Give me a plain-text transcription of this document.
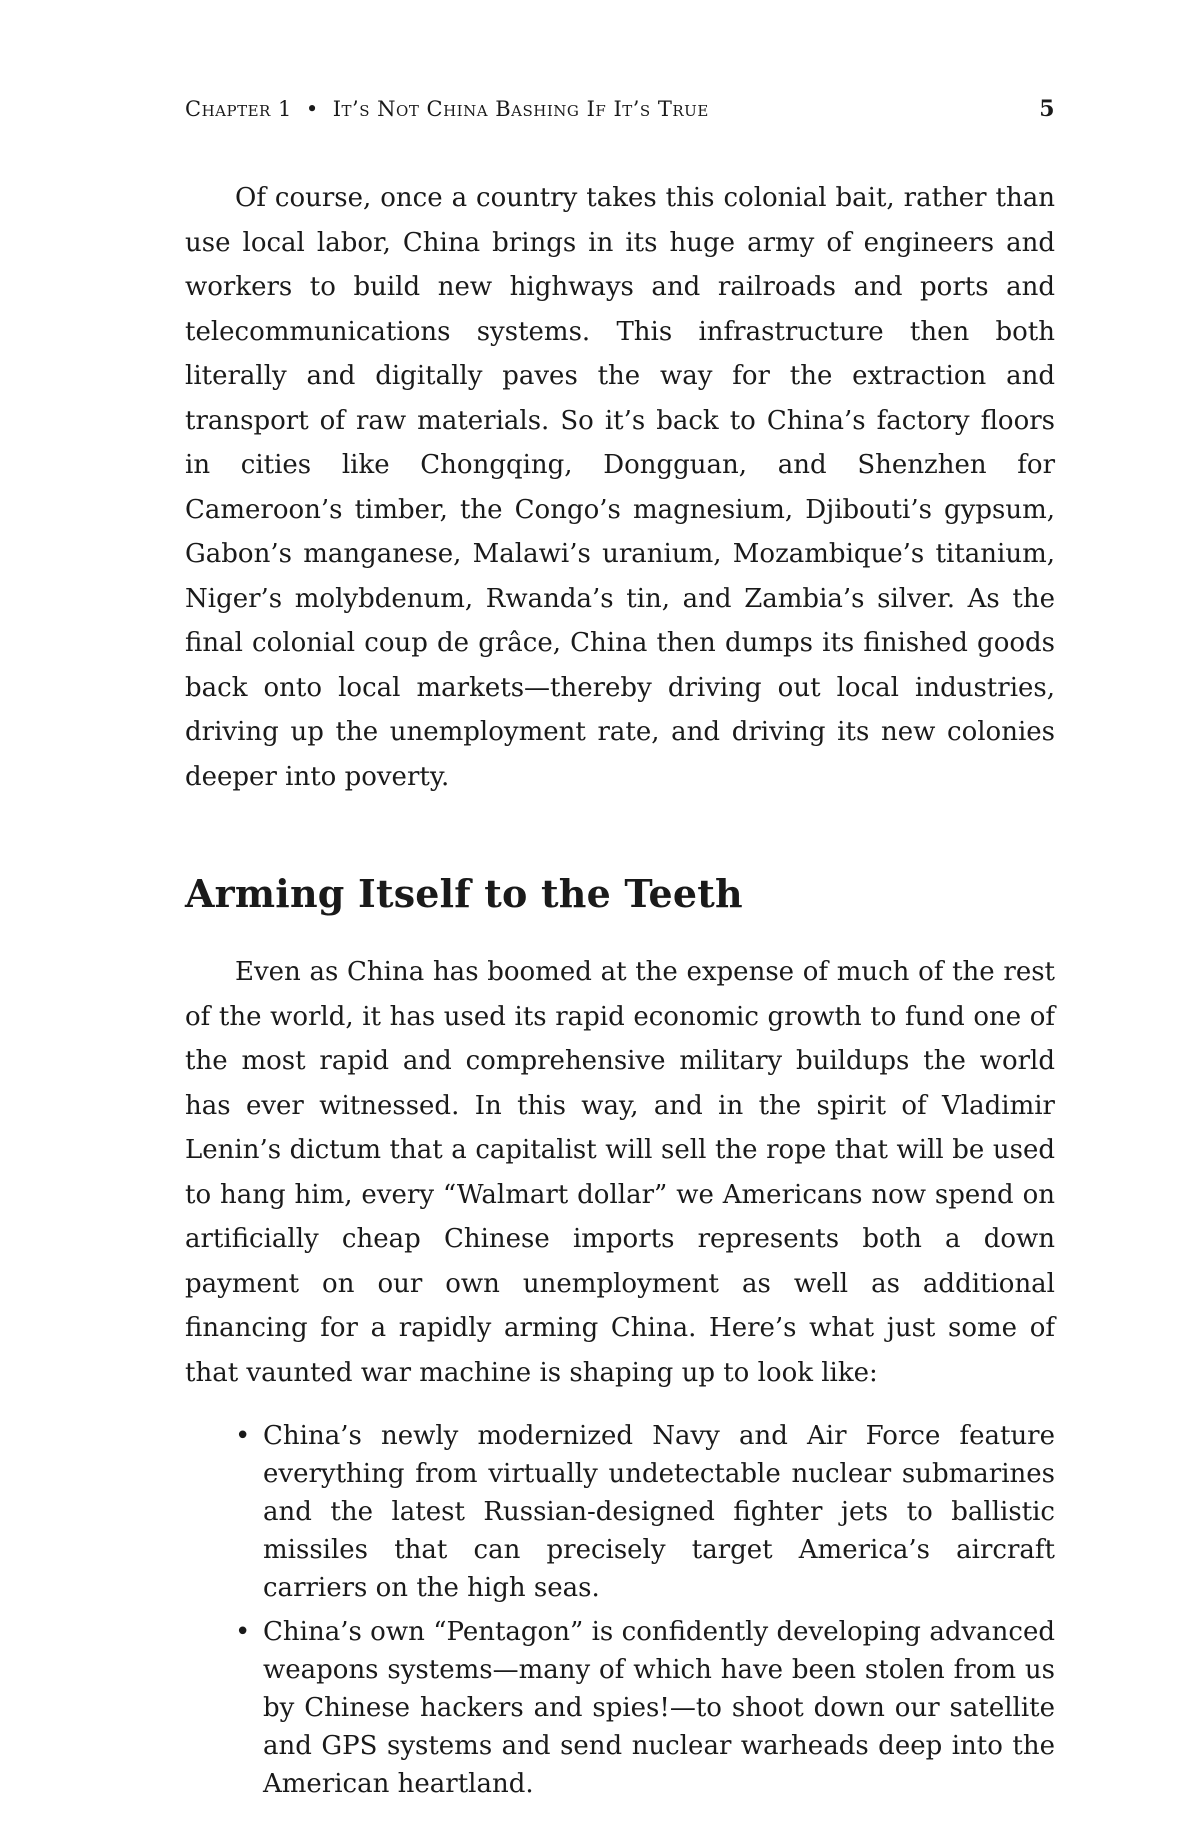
Chapter 1 • It’s Not China Bashing If It’s True	5

Of course, once a country takes this colonial bait, rather than use local labor, China brings in its huge army of engineers and workers to build new highways and railroads and ports and telecommunications systems. This infrastructure then both literally and digitally paves the way for the extraction and transport of raw materials. So it’s back to China’s factory floors in cities like Chongqing, Dongguan, and Shenzhen for Cameroon’s timber, the Congo’s magnesium, Djibouti’s gypsum, Gabon’s manganese, Malawi’s uranium, Mozambique’s titanium, Niger’s molybdenum, Rwanda’s tin, and Zambia’s silver. As the final colonial coup de grâce, China then dumps its finished goods back onto local markets—thereby driving out local industries, driving up the unemployment rate, and driving its new colonies deeper into poverty.

Arming Itself to the Teeth

Even as China has boomed at the expense of much of the rest of the world, it has used its rapid economic growth to fund one of the most rapid and comprehensive military buildups the world has ever witnessed. In this way, and in the spirit of Vladimir Lenin’s dictum that a capitalist will sell the rope that will be used to hang him, every “Walmart dollar” we Americans now spend on artificially cheap Chinese imports represents both a down payment on our own unemployment as well as additional financing for a rapidly arming China. Here’s what just some of that vaunted war machine is shaping up to look like:

• China’s newly modernized Navy and Air Force feature everything from virtually undetectable nuclear submarines and the latest Russian-designed fighter jets to ballistic missiles that can precisely target America’s aircraft carriers on the high seas.
• China’s own “Pentagon” is confidently developing advanced weapons systems—many of which have been stolen from us by Chinese hackers and spies!—to shoot down our satellite and GPS systems and send nuclear warheads deep into the American heartland.
